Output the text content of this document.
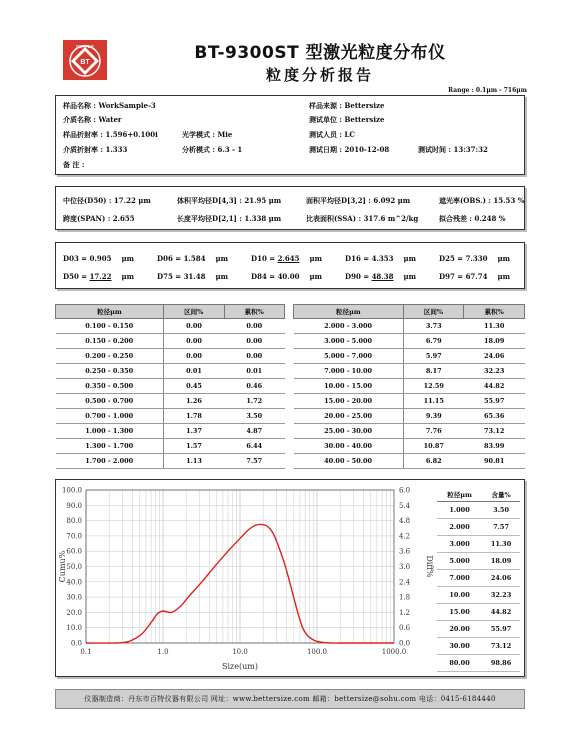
BT
BETTER	BT-9300ST 型激光粒度分布仪
粒度分析报告
Range : 0.1μm - 716μm
样品名称 : WorkSample-3	样品来源 : Bettersize
介质名称 : Water	测试单位 : Bettersize
样品折射率 : 1.596+0.100i	光学模式 : Mie	测试人员 : LC
介质折射率 : 1.333	分析模式 : 6.3 - 1	测试日期 : 2010-12-08	测试时间 : 13:37:32
备 注 :
中位径(D50) : 17.22 μm	体积平均径D[4,3] : 21.95 μm	面积平均径D[3,2] : 6.092 μm	遮光率(OBS.) : 15.53 %
跨度(SPAN) : 2.655	长度平均径D[2,1] : 1.338 μm	比表面积(SSA) : 317.6 m^2/kg	拟合残差 : 0.248 %
D03 = 0.905 μm	D06 = 1.584 μm	D10 = 2.645 μm	D16 = 4.353 μm	D25 = 7.330 μm
D50 = 17.22 μm	D75 = 31.48 μm	D84 = 40.00 μm	D90 = 48.38 μm	D97 = 67.74 μm
粒径μm	区间%	累积%
0.100 - 0.150	0.00	0.00
0.150 - 0.200	0.00	0.00
0.200 - 0.250	0.00	0.00
0.250 - 0.350	0.01	0.01
0.350 - 0.500	0.45	0.46
0.500 - 0.700	1.26	1.72
0.700 - 1.000	1.78	3.50
1.000 - 1.300	1.37	4.87
1.300 - 1.700	1.57	6.44
1.700 - 2.000	1.13	7.57
粒径μm	区间%	累积%
2.000 - 3.000	3.73	11.30
3.000 - 5.000	6.79	18.09
5.000 - 7.000	5.97	24.06
7.000 - 10.00	8.17	32.23
10.00 - 15.00	12.59	44.82
15.00 - 20.00	11.15	55.97
20.00 - 25.00	9.39	65.36
25.00 - 30.00	7.76	73.12
30.00 - 40.00	10.87	83.99
40.00 - 50.00	6.82	90.81
0.0
10.0
20.0
30.0
40.0
50.0
60.0
70.0
80.0
90.0
100.0
0.0
0.6
1.2
1.8
2.4
3.0
3.6
4.2
4.8
5.4
6.0
0.1	1.0	10.0	100.0	1000.0
Size(um)
Cumu%	Diff%
粒径μm	含量%
1.000	3.50
2.000	7.57
3.000	11.30
5.000	18.09
7.000	24.06
10.00	32.23
15.00	44.82
20.00	55.97
30.00	73.12
80.00	98.86
仪器制造商：丹东市百特仪器有限公司 网址：www.bettersize.com 邮箱：bettersize@sohu.com 电话：0415-6184440
